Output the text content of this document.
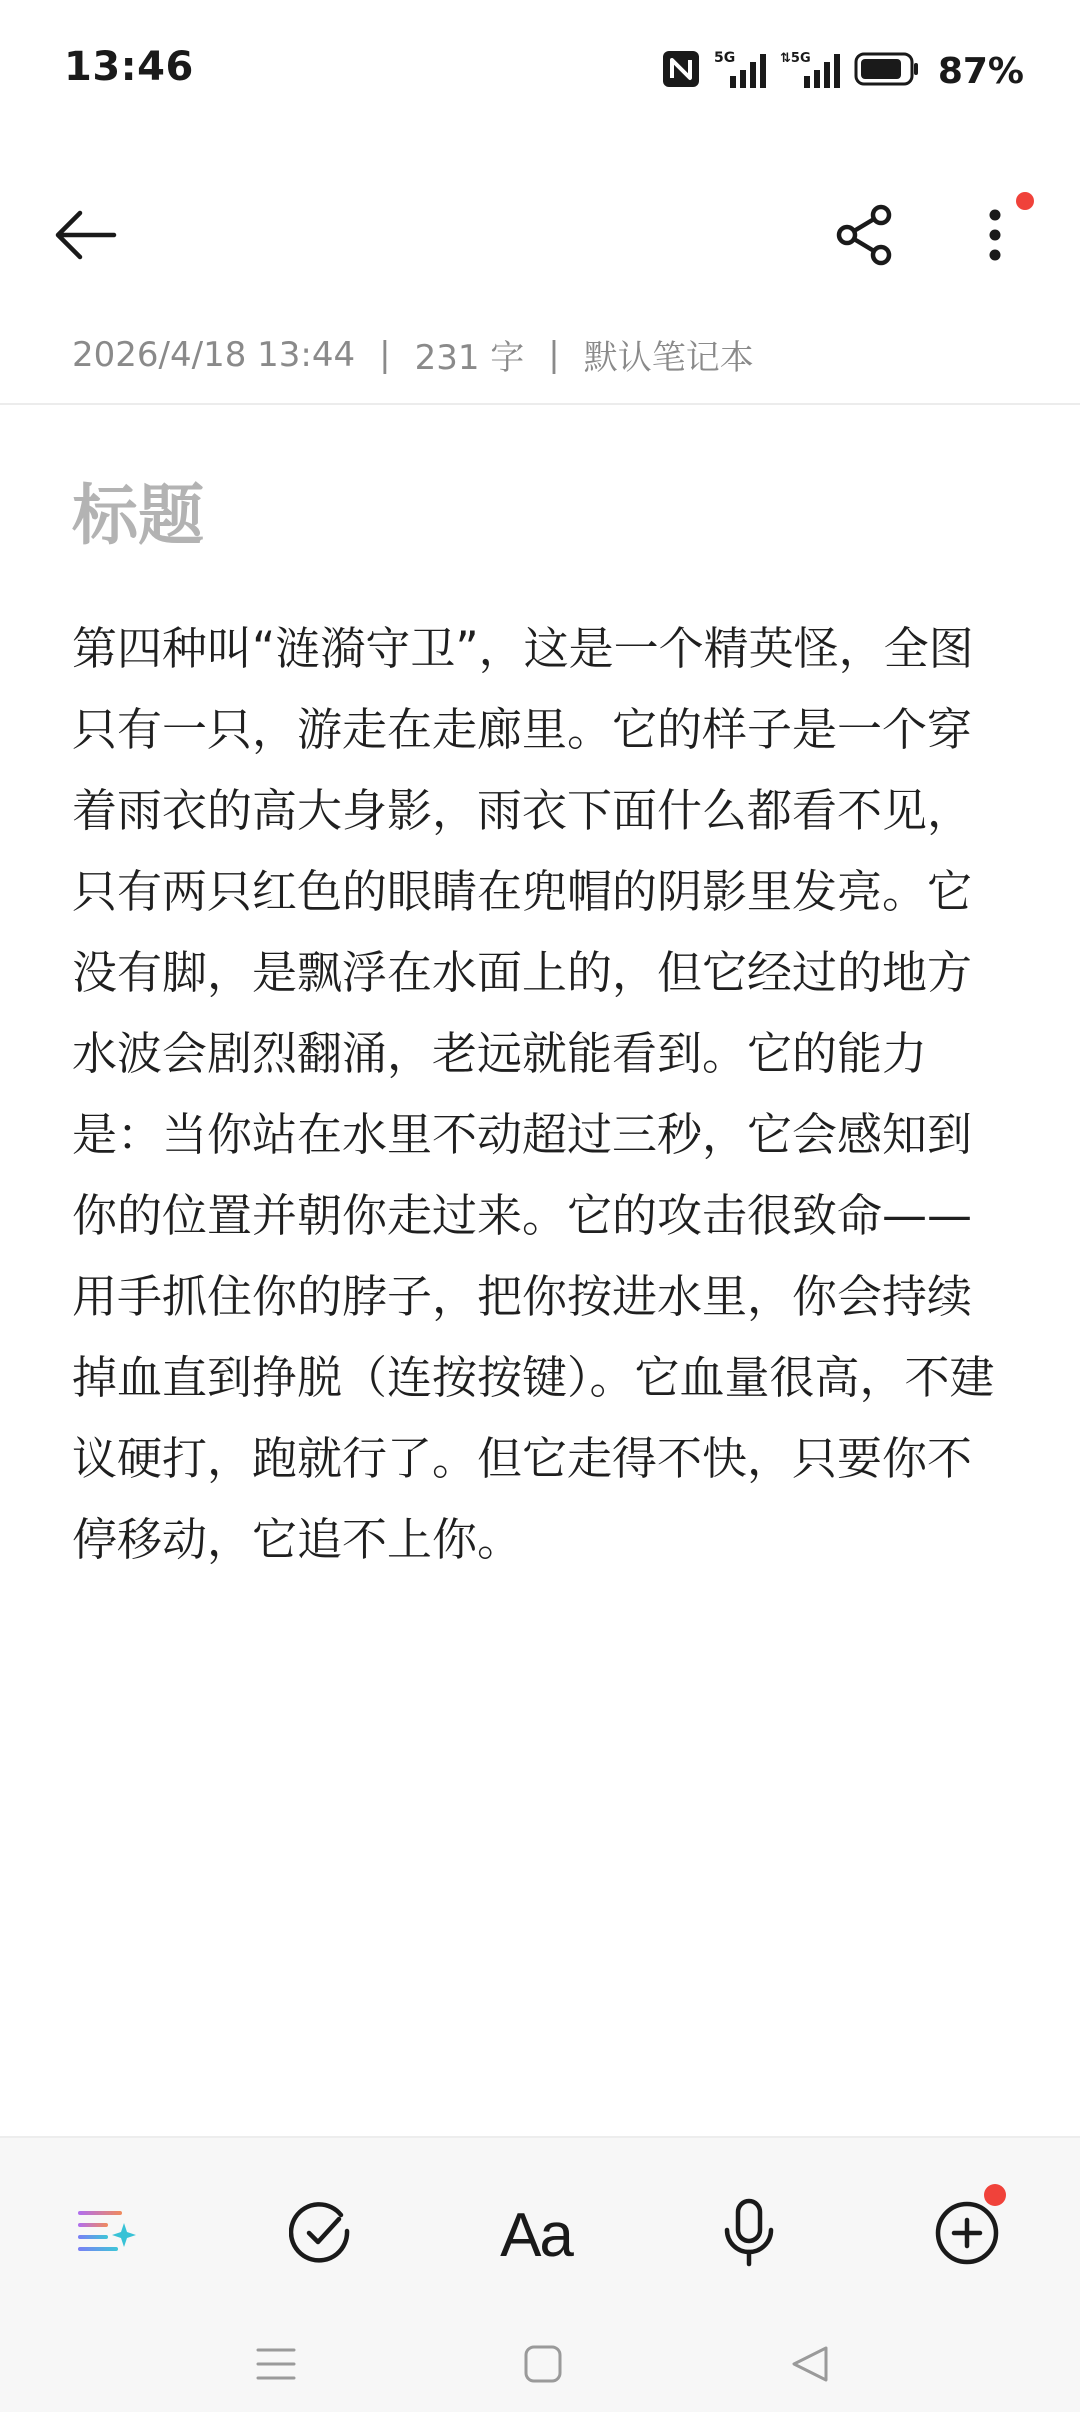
13:46	5G	⇅5G	87%
2026/4/18 13:44 | 231 字 | 默认笔记本
标题
第四种叫“涟漪守卫”，这是一个精英怪，全图只有一只，游走在走廊里。它的样子是一个穿着雨衣的高大身影，雨衣下面什么都看不见，只有两只红色的眼睛在兜帽的阴影里发亮。它没有脚，是飘浮在水面上的，但它经过的地方水波会剧烈翻涌，老远就能看到。它的能力是：当你站在水里不动超过三秒，它会感知到你的位置并朝你走过来。它的攻击很致命——用手抓住你的脖子，把你按进水里，你会持续掉血直到挣脱（连按按键）。它血量很高，不建议硬打，跑就行了。但它走得不快，只要你不停移动，它追不上你。
Aa
